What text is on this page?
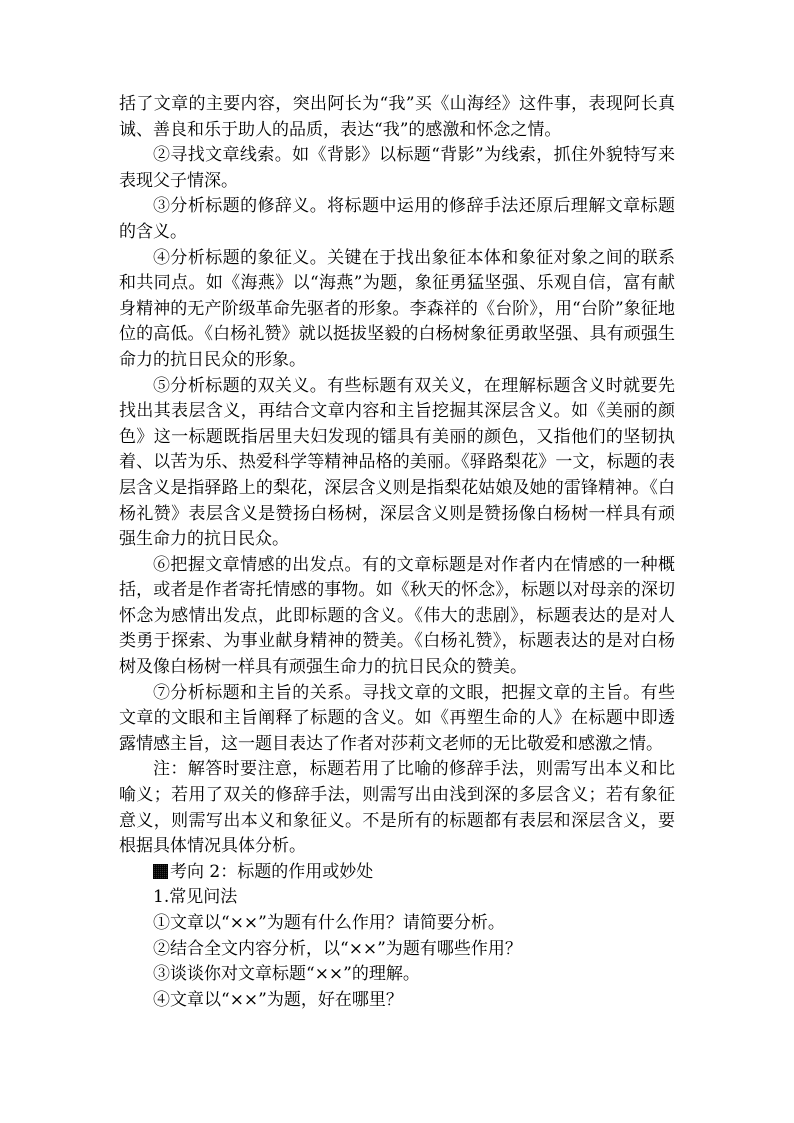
括了文章的主要内容，突出阿长为“我”买《山海经》这件事，表现阿长真诚、善良和乐于助人的品质，表达“我”的感激和怀念之情。

②寻找文章线索。如《背影》以标题“背影”为线索，抓住外貌特写来表现父子情深。

③分析标题的修辞义。将标题中运用的修辞手法还原后理解文章标题的含义。

④分析标题的象征义。关键在于找出象征本体和象征对象之间的联系和共同点。如《海燕》以“海燕”为题，象征勇猛坚强、乐观自信，富有献身精神的无产阶级革命先驱者的形象。李森祥的《台阶》，用“台阶”象征地位的高低。《白杨礼赞》就以挺拔坚毅的白杨树象征勇敢坚强、具有顽强生命力的抗日民众的形象。

⑤分析标题的双关义。有些标题有双关义，在理解标题含义时就要先找出其表层含义，再结合文章内容和主旨挖掘其深层含义。如《美丽的颜色》这一标题既指居里夫妇发现的镭具有美丽的颜色，又指他们的坚韧执着、以苦为乐、热爱科学等精神品格的美丽。《驿路梨花》一文，标题的表层含义是指驿路上的梨花，深层含义则是指梨花姑娘及她的雷锋精神。《白杨礼赞》表层含义是赞扬白杨树，深层含义则是赞扬像白杨树一样具有顽强生命力的抗日民众。

⑥把握文章情感的出发点。有的文章标题是对作者内在情感的一种概括，或者是作者寄托情感的事物。如《秋天的怀念》，标题以对母亲的深切怀念为感情出发点，此即标题的含义。《伟大的悲剧》，标题表达的是对人类勇于探索、为事业献身精神的赞美。《白杨礼赞》，标题表达的是对白杨树及像白杨树一样具有顽强生命力的抗日民众的赞美。

⑦分析标题和主旨的关系。寻找文章的文眼，把握文章的主旨。有些文章的文眼和主旨阐释了标题的含义。如《再塑生命的人》在标题中即透露情感主旨，这一题目表达了作者对莎莉文老师的无比敬爱和感激之情。

注：解答时要注意，标题若用了比喻的修辞手法，则需写出本义和比喻义；若用了双关的修辞手法，则需写出由浅到深的多层含义；若有象征意义，则需写出本义和象征义。不是所有的标题都有表层和深层含义，要根据具体情况具体分析。

考向 2：标题的作用或妙处

1.常见问法

①文章以“××”为题有什么作用？请简要分析。

②结合全文内容分析，以“××”为题有哪些作用？

③谈谈你对文章标题“××”的理解。

④文章以“××”为题，好在哪里？
